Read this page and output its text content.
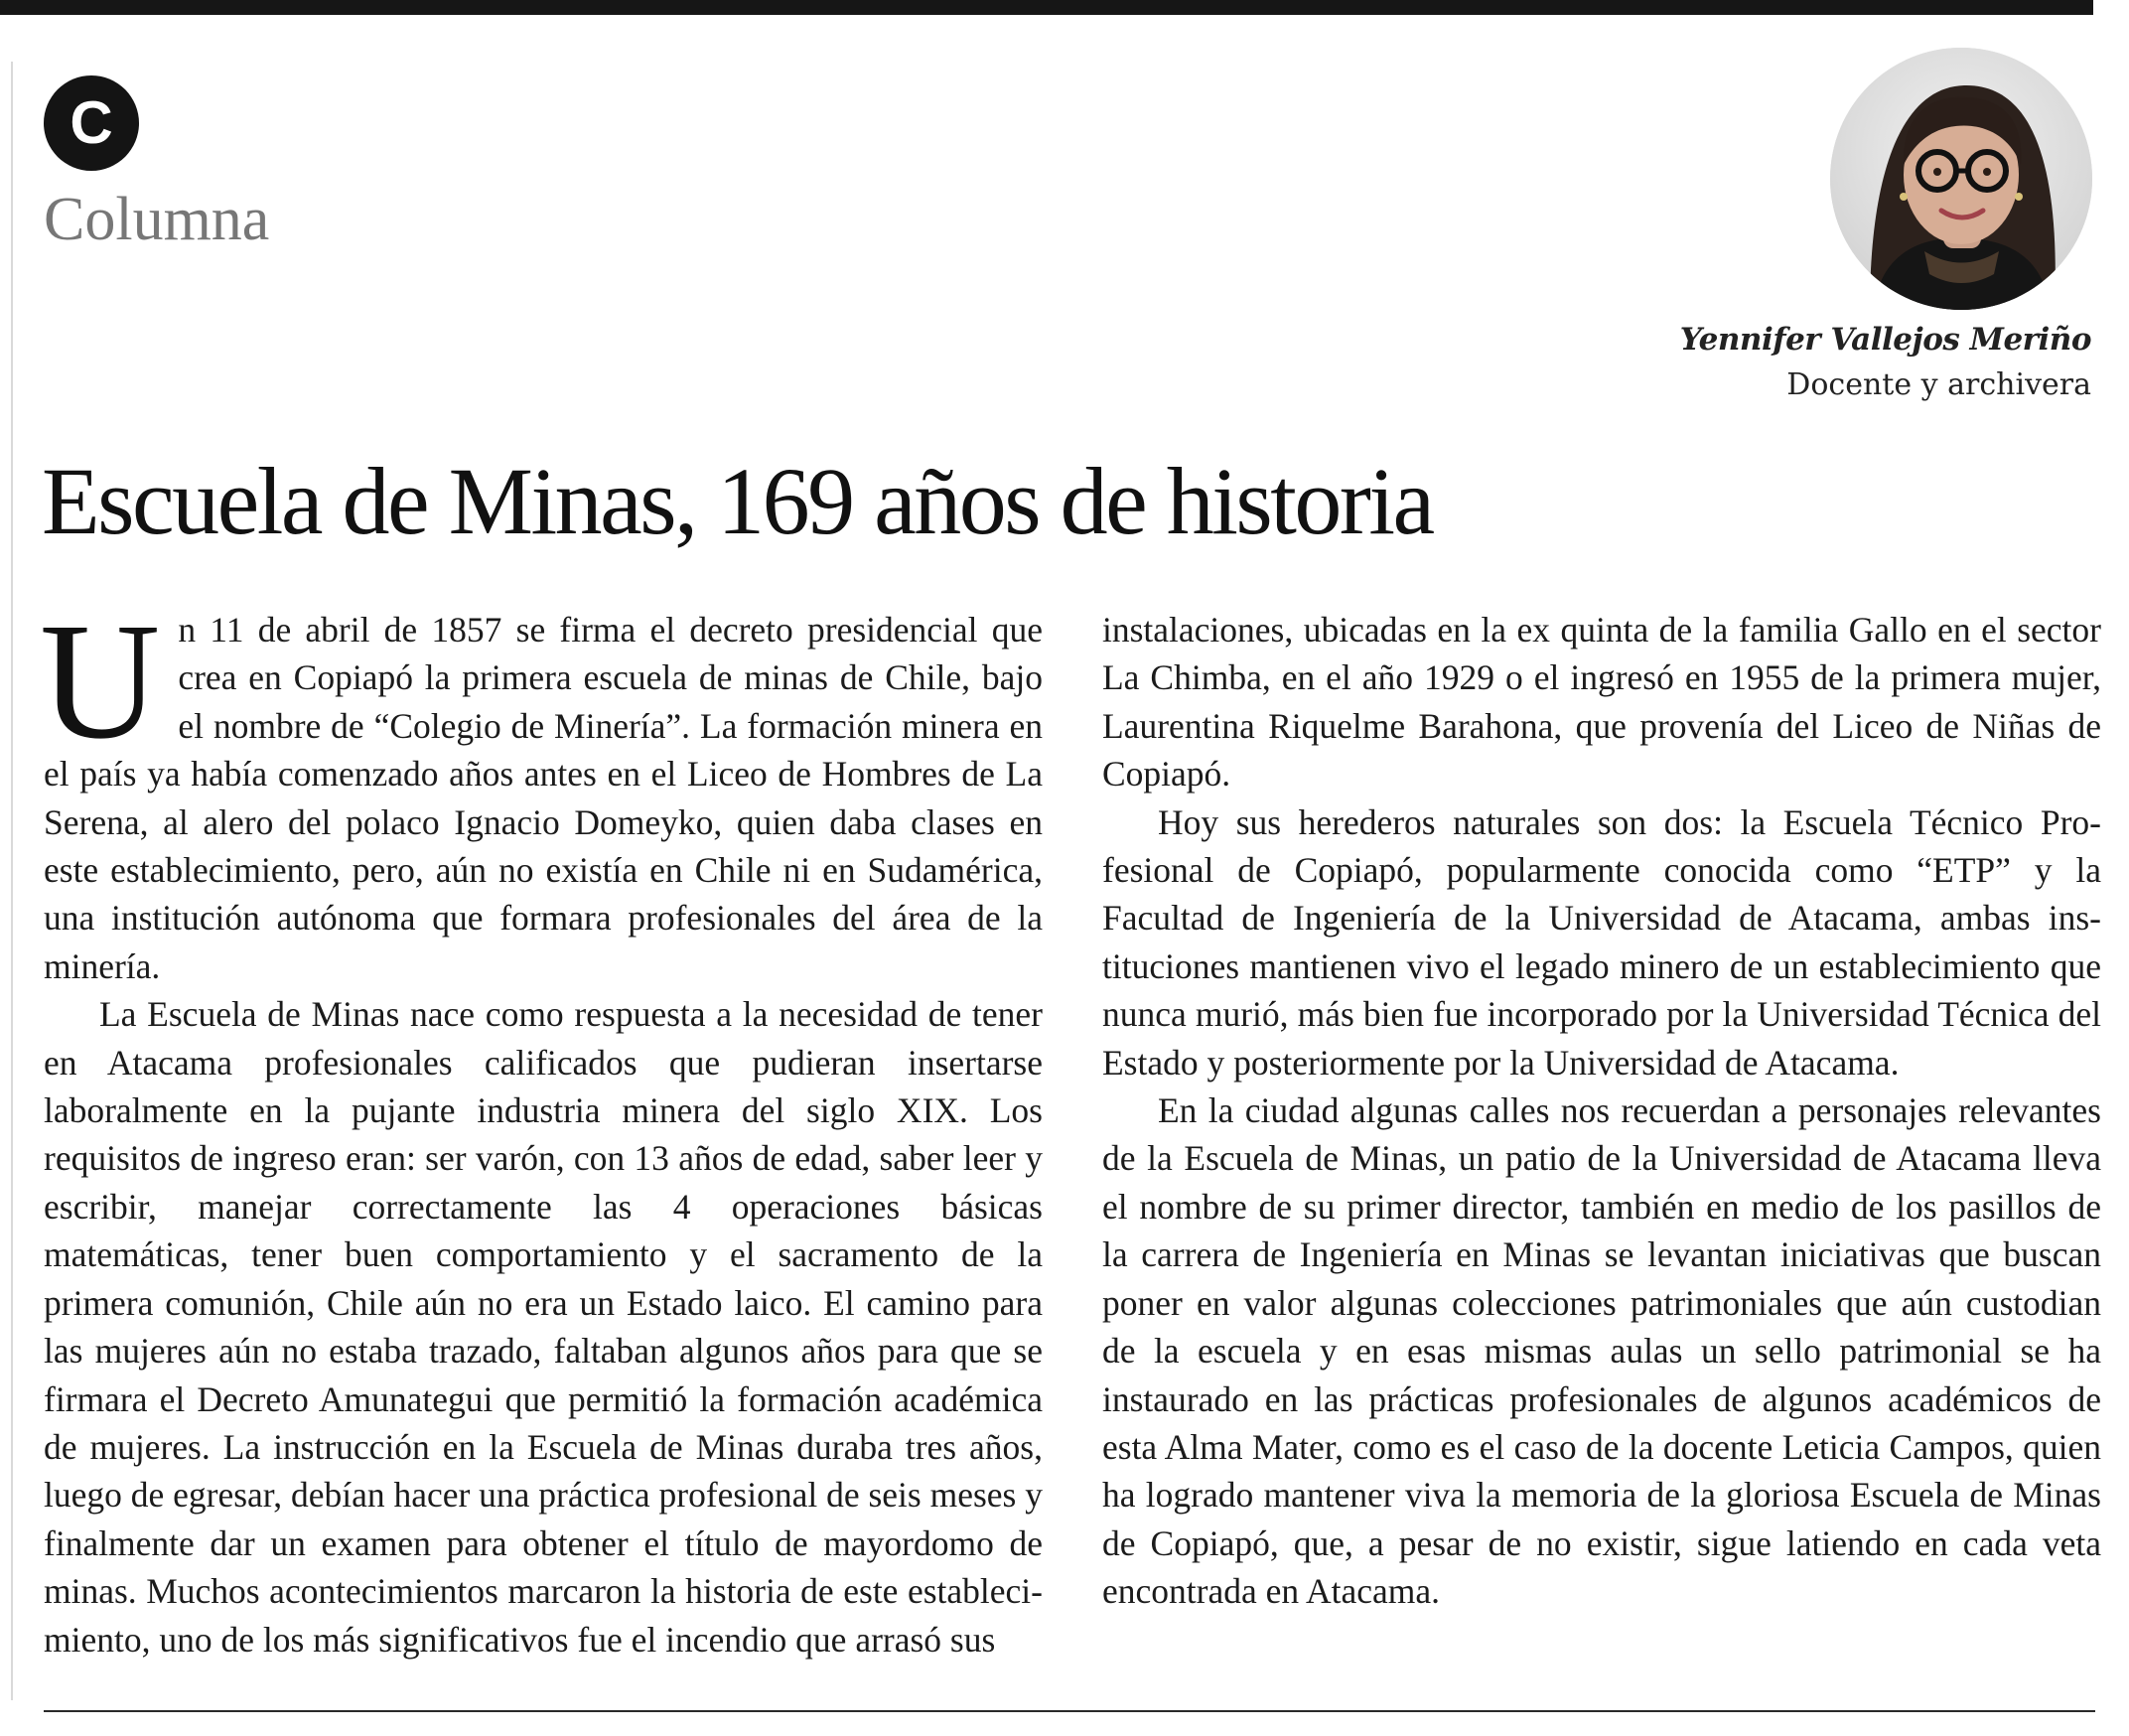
C
Columna
Yennifer Vallejos Meriño
Docente y archivera
Escuela de Minas, 169 años de historia

Un 11 de abril de 1857 se firma el decreto presidencial que crea en Copiapó la primera escuela de minas de Chile, bajo el nombre de “Colegio de Minería”. La formación minera en el país ya había comenzado años antes en el Liceo de Hombres de La Serena, al alero del polaco Ignacio Domeyko, quien daba clases en este establecimiento, pero, aún no existía en Chile ni en Sudamérica, una institución autónoma que formara profesionales del área de la minería.

La Escuela de Minas nace como respuesta a la necesidad de tener en Atacama profesionales calificados que pudieran insertarse laboralmente en la pujante industria minera del siglo XIX. Los requisitos de ingreso eran: ser varón, con 13 años de edad, saber leer y escribir, manejar correctamente las 4 operaciones básicas matemáticas, tener buen comportamiento y el sacramento de la primera comunión, Chile aún no era un Estado laico. El camino para las mujeres aún no estaba trazado, faltaban algunos años para que se firmara el Decreto Amunategui que permitió la formación académica de mujeres. La instrucción en la Escuela de Minas duraba tres años, luego de egresar, debían hacer una práctica profesional de seis meses y finalmente dar un examen para obtener el título de mayordomo de minas. Muchos acontecimientos marcaron la historia de este establecimiento, uno de los más significativos fue el incendio que arrasó sus

instalaciones, ubicadas en la ex quinta de la familia Gallo en el sector La Chimba, en el año 1929 o el ingresó en 1955 de la primera mujer, Laurentina Riquelme Barahona, que provenía del Liceo de Niñas de Copiapó.

Hoy sus herederos naturales son dos: la Escuela Técnico Profesional de Copiapó, popularmente conocida como “ETP” y la Facultad de Ingeniería de la Universidad de Atacama, ambas instituciones mantienen vivo el legado minero de un establecimiento que nunca murió, más bien fue incorporado por la Universidad Técnica del Estado y posteriormente por la Universidad de Atacama.

En la ciudad algunas calles nos recuerdan a personajes relevantes de la Escuela de Minas, un patio de la Universidad de Atacama lleva el nombre de su primer director, también en medio de los pasillos de la carrera de Ingeniería en Minas se levantan iniciativas que buscan poner en valor algunas colecciones patrimoniales que aún custodian de la escuela y en esas mismas aulas un sello patrimonial se ha instaurado en las prácticas profesionales de algunos académicos de esta Alma Mater, como es el caso de la docente Leticia Campos, quien ha logrado mantener viva la memoria de la gloriosa Escuela de Minas de Copiapó, que, a pesar de no existir, sigue latiendo en cada veta encontrada en Atacama.
